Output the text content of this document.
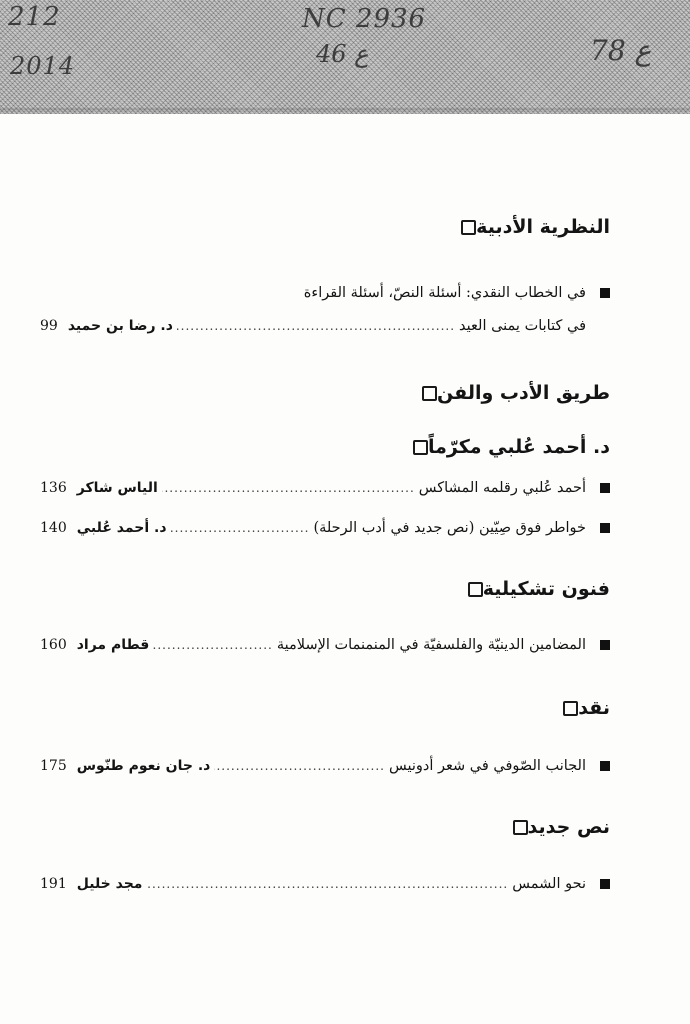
212
2014
NC 2936
46 ع	78 ع
النظرية الأدبية
في الخطاب النقدي: أسئلة النصّ، أسئلة القراءة
في كتابات يمنى العيد
.....
د. رضا بن حميد
99
طريق الأدب والفن
د. أحمد عُلبي مكرّماً
أحمد عُلبي رقلمه المشاكس
.....
الياس شاكر
136
خواطر فوق صِيّين (نص جديد في أدب الرحلة)
.....
د. أحمد عُلبي
140
فنون تشكيلية
المضامين الدينيّة والفلسفيّة في المنمنمات الإسلامية
.....
قطام مراد
160
نقد
الجانب الصّوفي في شعر أدونيس
.....
د. جان نعوم طنّوس
175
نص جديد
نحو الشمس
.....
مجد خليل
191
